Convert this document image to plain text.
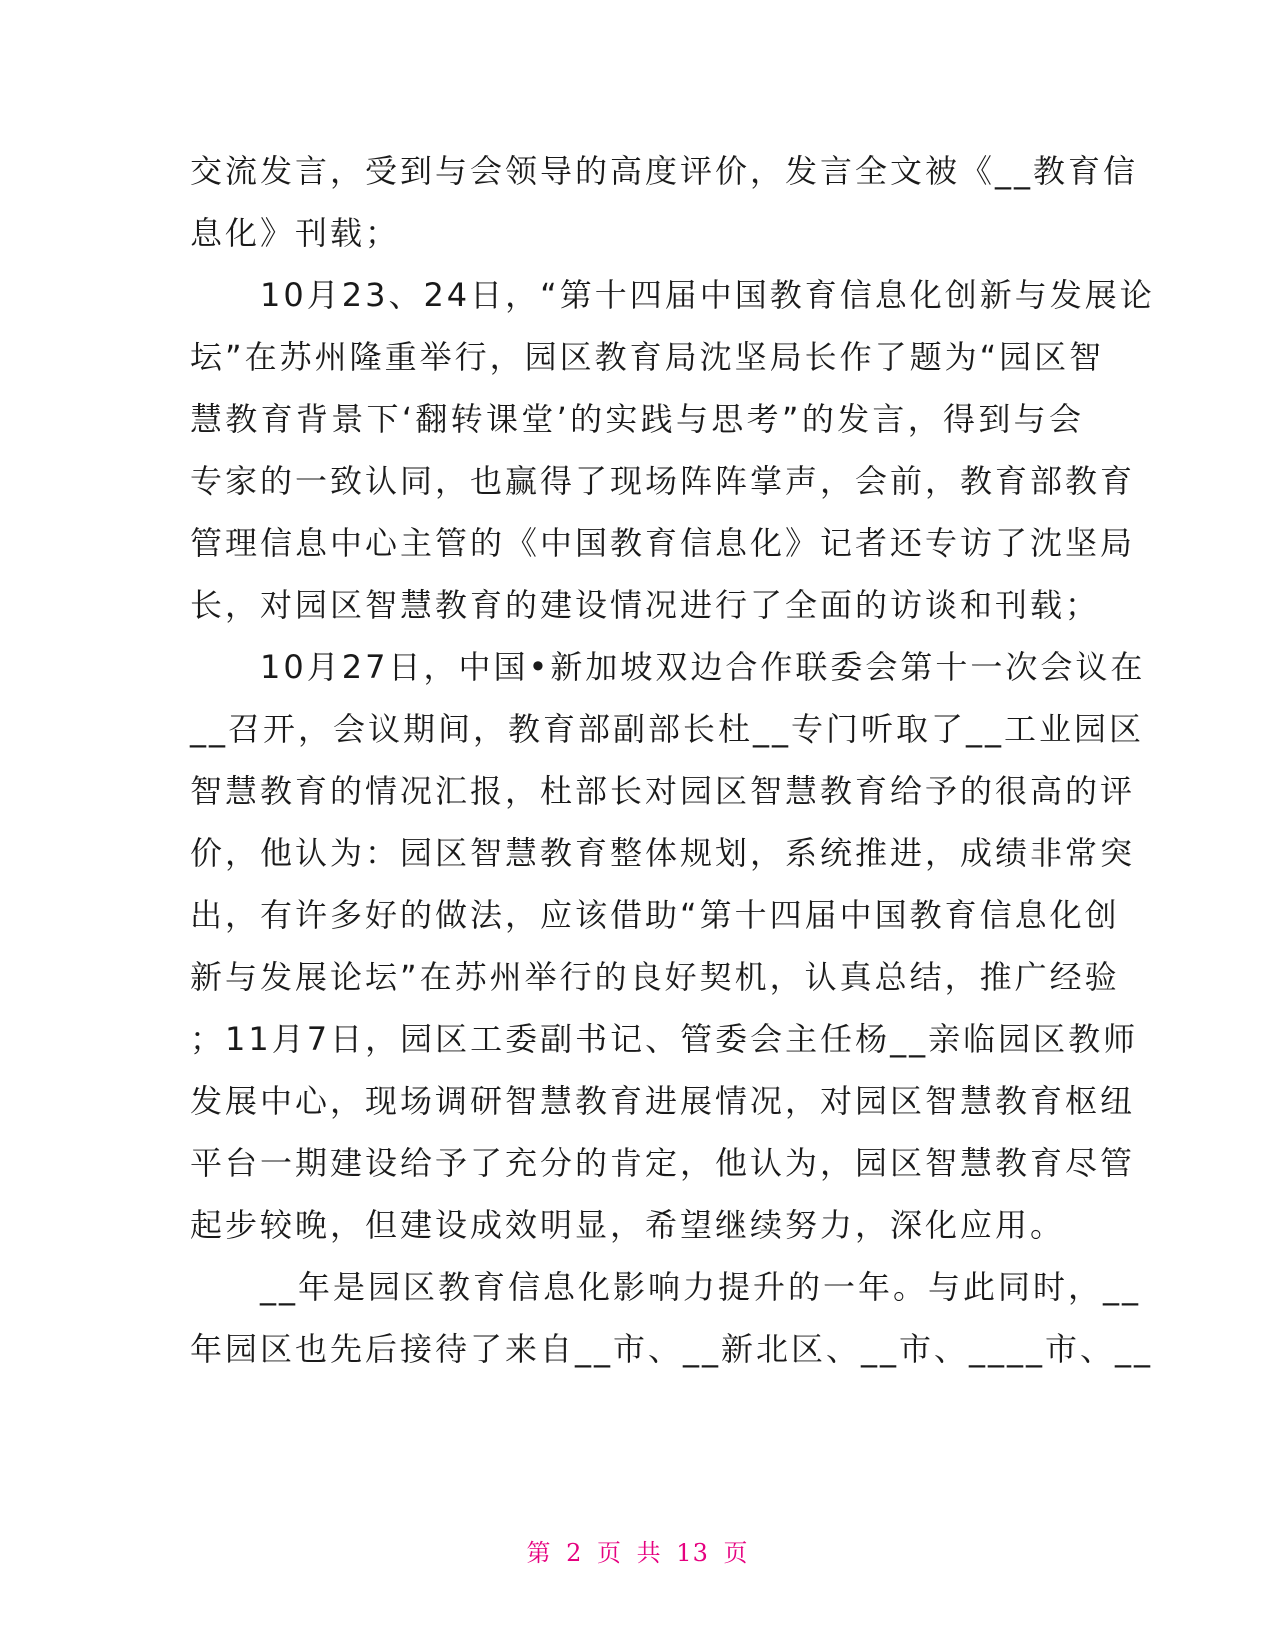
交流发言，受到与会领导的高度评价，发言全文被《__教育信
息化》刊载；
　　10月23、24日，“第十四届中国教育信息化创新与发展论
坛”在苏州隆重举行，园区教育局沈坚局长作了题为“园区智
慧教育背景下‘翻转课堂’的实践与思考”的发言，得到与会
专家的一致认同，也赢得了现场阵阵掌声，会前，教育部教育
管理信息中心主管的《中国教育信息化》记者还专访了沈坚局
长，对园区智慧教育的建设情况进行了全面的访谈和刊载；
　　10月27日，中国•新加坡双边合作联委会第十一次会议在
__召开，会议期间，教育部副部长杜__专门听取了__工业园区
智慧教育的情况汇报，杜部长对园区智慧教育给予的很高的评
价，他认为：园区智慧教育整体规划，系统推进，成绩非常突
出，有许多好的做法，应该借助“第十四届中国教育信息化创
新与发展论坛”在苏州举行的良好契机，认真总结，推广经验
；11月7日，园区工委副书记、管委会主任杨__亲临园区教师
发展中心，现场调研智慧教育进展情况，对园区智慧教育枢纽
平台一期建设给予了充分的肯定，他认为，园区智慧教育尽管
起步较晚，但建设成效明显，希望继续努力，深化应用。
　　__年是园区教育信息化影响力提升的一年。与此同时，__
年园区也先后接待了来自__市、__新北区、__市、____市、__
第 2 页 共 13 页
